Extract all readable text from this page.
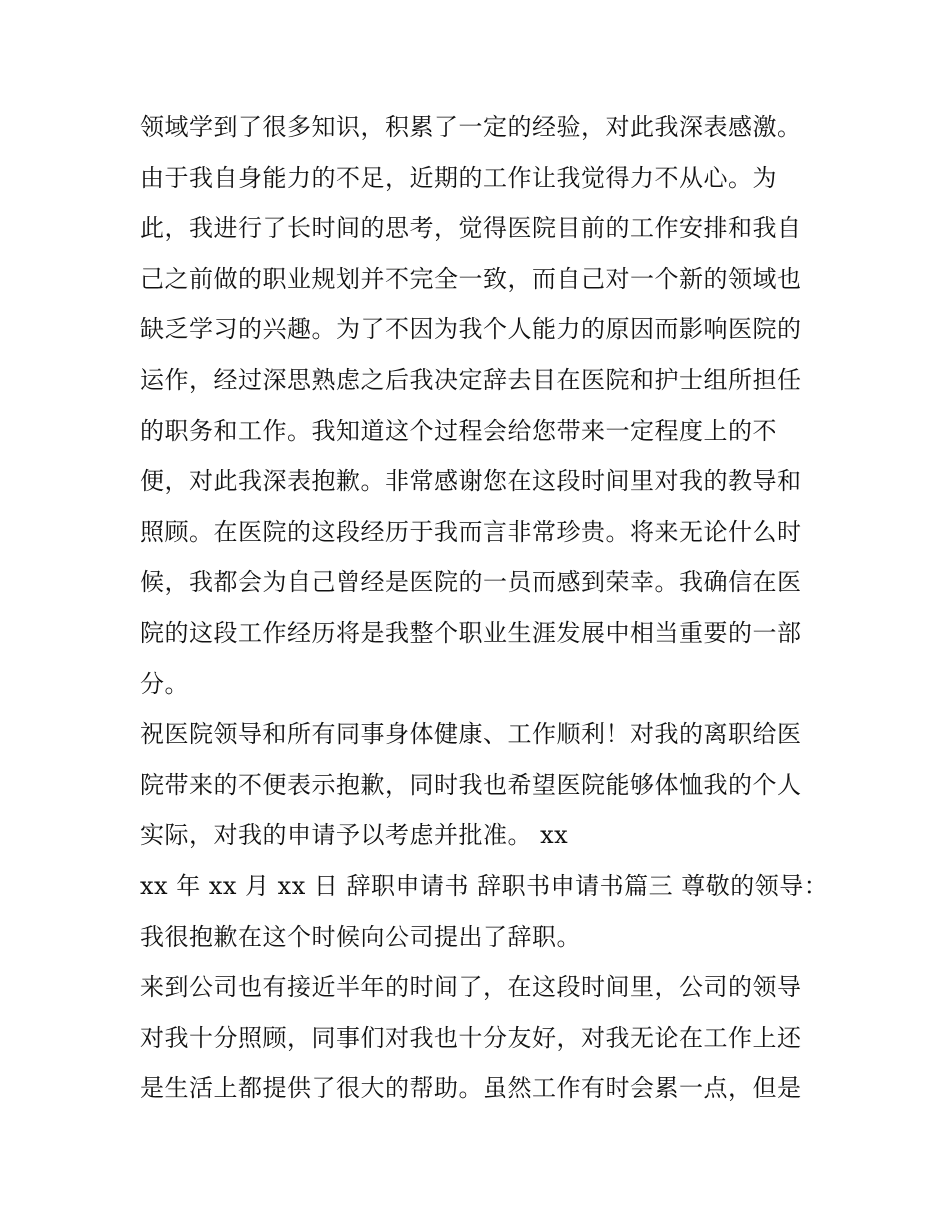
领域学到了很多知识，积累了一定的经验，对此我深表感激。
由于我自身能力的不足，近期的工作让我觉得力不从心。为
此，我进行了长时间的思考，觉得医院目前的工作安排和我自
己之前做的职业规划并不完全一致，而自己对一个新的领域也
缺乏学习的兴趣。为了不因为我个人能力的原因而影响医院的
运作，经过深思熟虑之后我决定辞去目在医院和护士组所担任
的职务和工作。我知道这个过程会给您带来一定程度上的不
便，对此我深表抱歉。非常感谢您在这段时间里对我的教导和
照顾。在医院的这段经历于我而言非常珍贵。将来无论什么时
候，我都会为自己曾经是医院的一员而感到荣幸。我确信在医
院的这段工作经历将是我整个职业生涯发展中相当重要的一部
分。
祝医院领导和所有同事身体健康、工作顺利！对我的离职给医
院带来的不便表示抱歉，同时我也希望医院能够体恤我的个人
实际，对我的申请予以考虑并批准。 xx
xx 年 xx 月 xx 日 辞职申请书 辞职书申请书篇三 尊敬的领导：
我很抱歉在这个时候向公司提出了辞职。
来到公司也有接近半年的时间了，在这段时间里，公司的领导
对我十分照顾，同事们对我也十分友好，对我无论在工作上还
是生活上都提供了很大的帮助。虽然工作有时会累一点，但是
